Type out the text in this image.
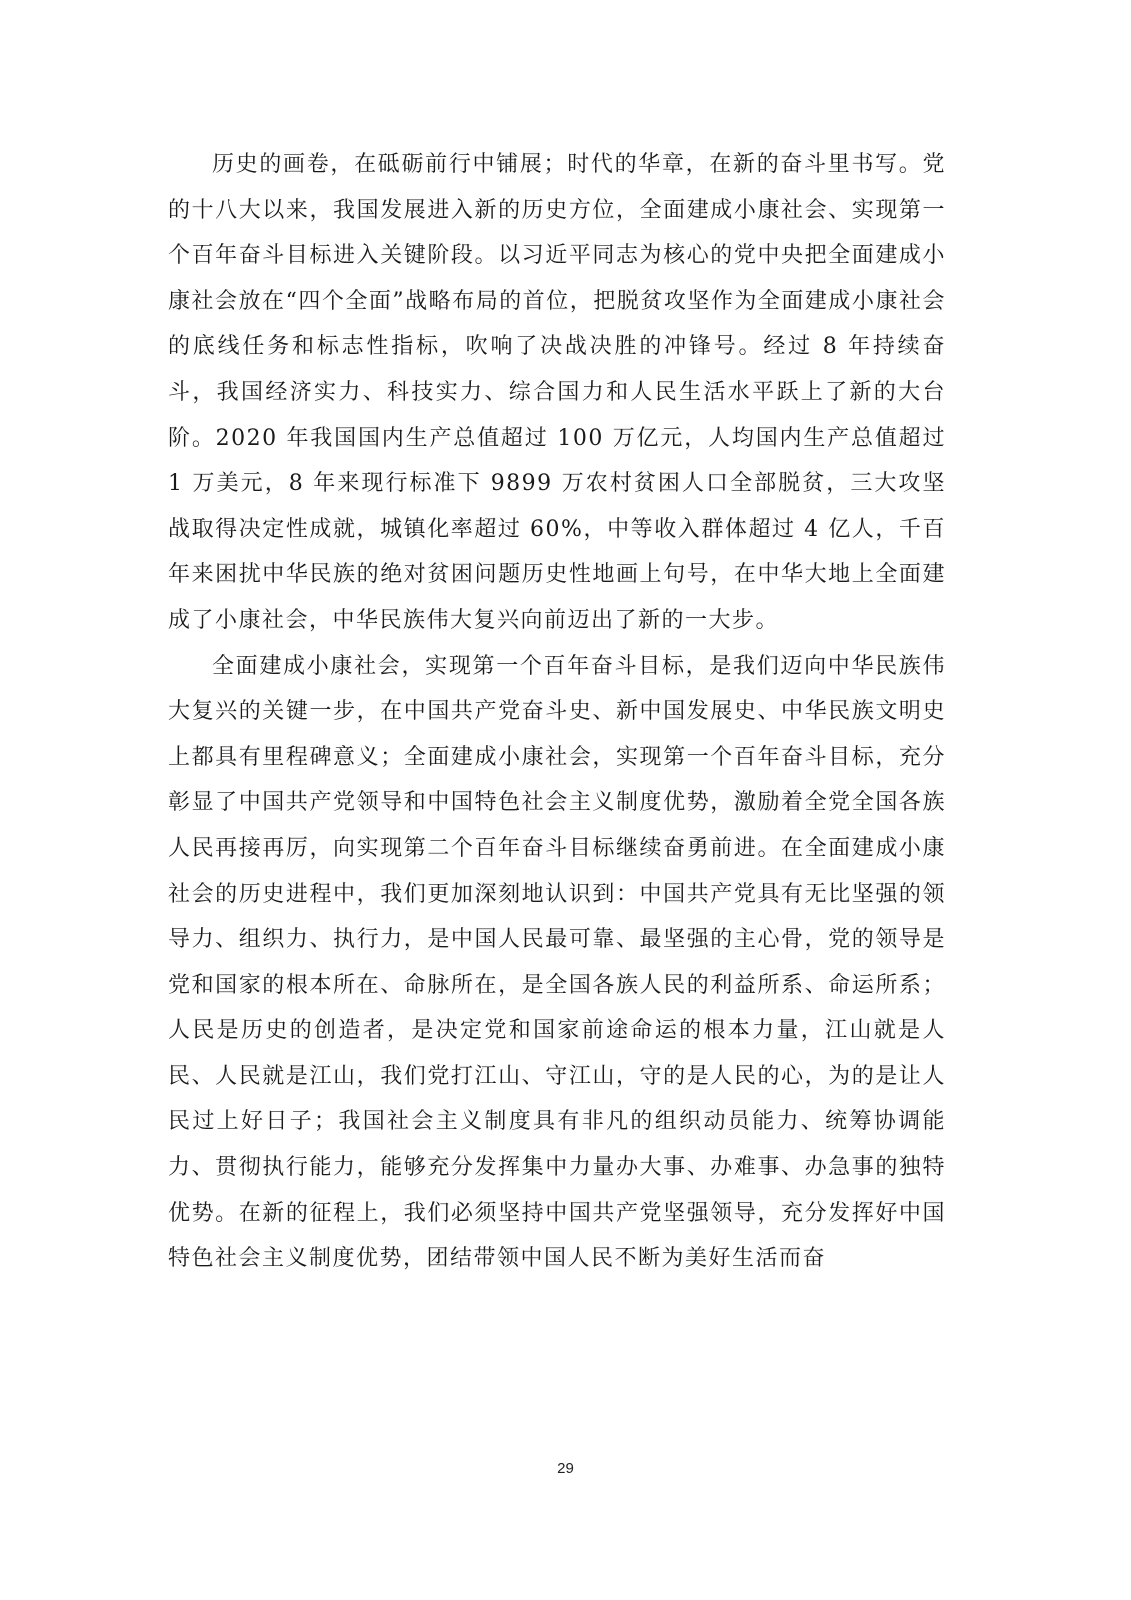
历史的画卷，在砥砺前行中铺展；时代的华章，在新的奋斗里书写。党的十八大以来，我国发展进入新的历史方位，全面建成小康社会、实现第一个百年奋斗目标进入关键阶段。以习近平同志为核心的党中央把全面建成小康社会放在“四个全面”战略布局的首位，把脱贫攻坚作为全面建成小康社会的底线任务和标志性指标，吹响了决战决胜的冲锋号。经过 8 年持续奋斗，我国经济实力、科技实力、综合国力和人民生活水平跃上了新的大台阶。2020 年我国国内生产总值超过 100 万亿元，人均国内生产总值超过 1 万美元，8 年来现行标准下 9899 万农村贫困人口全部脱贫，三大攻坚战取得决定性成就，城镇化率超过 60%，中等收入群体超过 4 亿人，千百年来困扰中华民族的绝对贫困问题历史性地画上句号，在中华大地上全面建成了小康社会，中华民族伟大复兴向前迈出了新的一大步。

全面建成小康社会，实现第一个百年奋斗目标，是我们迈向中华民族伟大复兴的关键一步，在中国共产党奋斗史、新中国发展史、中华民族文明史上都具有里程碑意义；全面建成小康社会，实现第一个百年奋斗目标，充分彰显了中国共产党领导和中国特色社会主义制度优势，激励着全党全国各族人民再接再厉，向实现第二个百年奋斗目标继续奋勇前进。在全面建成小康社会的历史进程中，我们更加深刻地认识到：中国共产党具有无比坚强的领导力、组织力、执行力，是中国人民最可靠、最坚强的主心骨，党的领导是党和国家的根本所在、命脉所在，是全国各族人民的利益所系、命运所系；人民是历史的创造者，是决定党和国家前途命运的根本力量，江山就是人民、人民就是江山，我们党打江山、守江山，守的是人民的心，为的是让人民过上好日子；我国社会主义制度具有非凡的组织动员能力、统筹协调能力、贯彻执行能力，能够充分发挥集中力量办大事、办难事、办急事的独特优势。在新的征程上，我们必须坚持中国共产党坚强领导，充分发挥好中国特色社会主义制度优势，团结带领中国人民不断为美好生活而奋

29
